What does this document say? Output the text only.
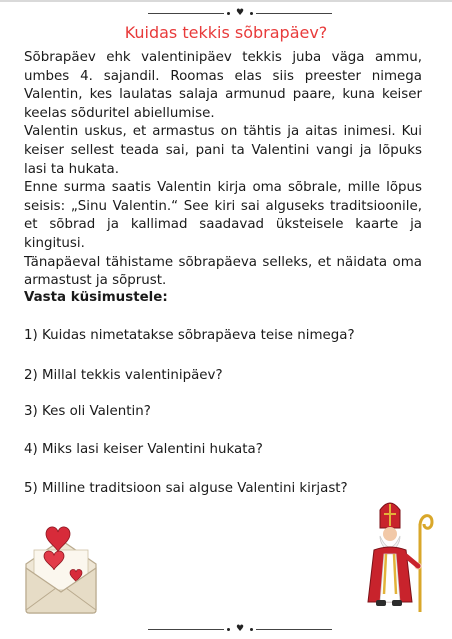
♥
Kuidas tekkis sõbrapäev?

Sõbrapäev ehk valentinipäev tekkis juba väga ammu, umbes 4. sajandil. Roomas elas siis preester nimega Valentin, kes laulatas salaja armunud paare, kuna keiser keelas sõduritel abiellumise.

Valentin uskus, et armastus on tähtis ja aitas inimesi. Kui keiser sellest teada sai, pani ta Valentini vangi ja lõpuks lasi ta hukata.

Enne surma saatis Valentin kirja oma sõbrale, mille lõpus seisis: „Sinu Valentin.“ See kiri sai alguseks traditsioonile, et sõbrad ja kallimad saadavad üksteisele kaarte ja kingitusi.

Tänapäeval tähistame sõbrapäeva selleks, et näidata oma armastust ja sõprust.

Vasta küsimustele:
1) Kuidas nimetatakse sõbrapäeva teise nimega?
2) Millal tekkis valentinipäev?
3) Kes oli Valentin?
4) Miks lasi keiser Valentini hukata?
5) Milline traditsioon sai alguse Valentini kirjast?
♥
